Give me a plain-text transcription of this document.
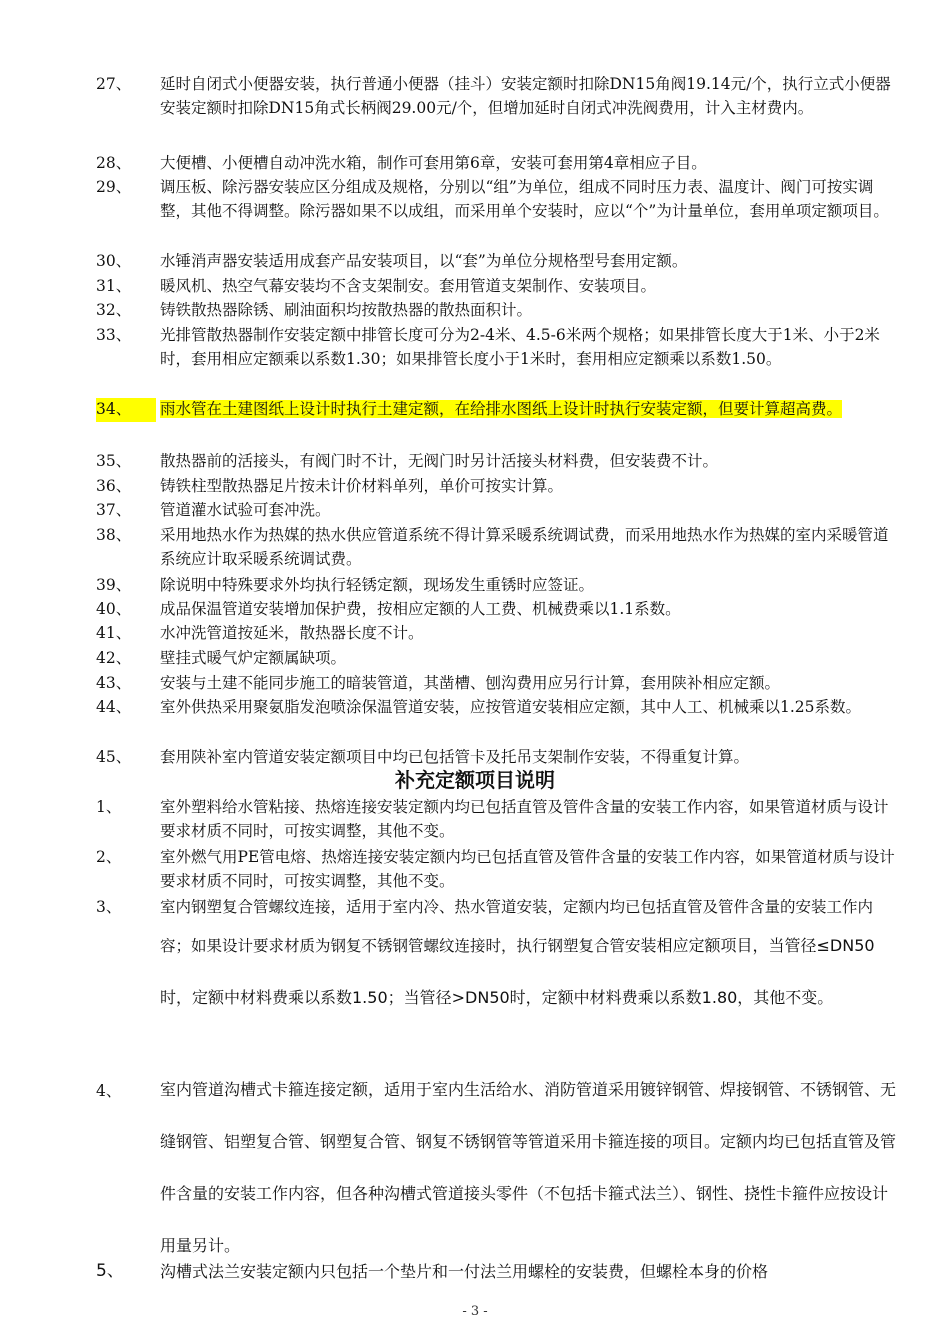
27、	延时自闭式小便器安装，执行普通小便器（挂斗）安装定额时扣除DN15角阀19.14元/个，执行立式小便器安装定额时扣除DN15角式长柄阀29.00元/个，但增加延时自闭式冲洗阀费用，计入主材费内。
28、	大便槽、小便槽自动冲洗水箱，制作可套用第6章，安装可套用第4章相应子目。
29、	调压板、除污器安装应区分组成及规格，分别以“组”为单位，组成不同时压力表、温度计、阀门可按实调整，其他不得调整。除污器如果不以成组，而采用单个安装时，应以“个”为计量单位，套用单项定额项目。
30、	水锤消声器安装适用成套产品安装项目，以“套”为单位分规格型号套用定额。
31、	暖风机、热空气幕安装均不含支架制安。套用管道支架制作、安装项目。
32、	铸铁散热器除锈、刷油面积均按散热器的散热面积计。
33、	光排管散热器制作安装定额中排管长度可分为2-4米、4.5-6米两个规格；如果排管长度大于1米、小于2米时，套用相应定额乘以系数1.30；如果排管长度小于1米时，套用相应定额乘以系数1.50。
34、	雨水管在土建图纸上设计时执行土建定额，在给排水图纸上设计时执行安装定额，但要计算超高费。
35、	散热器前的活接头，有阀门时不计，无阀门时另计活接头材料费，但安装费不计。
36、	铸铁柱型散热器足片按未计价材料单列，单价可按实计算。
37、	管道灌水试验可套冲洗。
38、	采用地热水作为热媒的热水供应管道系统不得计算采暖系统调试费，而采用地热水作为热媒的室内采暖管道系统应计取采暖系统调试费。
39、	除说明中特殊要求外均执行轻锈定额，现场发生重锈时应签证。
40、	成品保温管道安装增加保护费，按相应定额的人工费、机械费乘以1.1系数。
41、	水冲洗管道按延米，散热器长度不计。
42、	壁挂式暖气炉定额属缺项。
43、	安装与土建不能同步施工的暗装管道，其凿槽、刨沟费用应另行计算，套用陕补相应定额。
44、	室外供热采用聚氨脂发泡喷涂保温管道安装，应按管道安装相应定额，其中人工、机械乘以1.25系数。
45、	套用陕补室内管道安装定额项目中均已包括管卡及托吊支架制作安装，不得重复计算。
补充定额项目说明
1、	室外塑料给水管粘接、热熔连接安装定额内均已包括直管及管件含量的安装工作内容，如果管道材质与设计要求材质不同时，可按实调整，其他不变。
2、	室外燃气用PE管电熔、热熔连接安装定额内均已包括直管及管件含量的安装工作内容，如果管道材质与设计要求材质不同时，可按实调整，其他不变。
3、	室内钢塑复合管螺纹连接，适用于室内冷、热水管道安装，定额内均已包括直管及管件含量的安装工作内容；如果设计要求材质为钢复不锈钢管螺纹连接时，执行钢塑复合管安装相应定额项目，当管径≤DN50时，定额中材料费乘以系数1.50；当管径>DN50时，定额中材料费乘以系数1.80，其他不变。
4、	室内管道沟槽式卡箍连接定额，适用于室内生活给水、消防管道采用镀锌钢管、焊接钢管、不锈钢管、无缝钢管、铝塑复合管、钢塑复合管、钢复不锈钢管等管道采用卡箍连接的项目。定额内均已包括直管及管件含量的安装工作内容，但各种沟槽式管道接头零件（不包括卡箍式法兰）、钢性、挠性卡箍件应按设计用量另计。
5、	沟槽式法兰安装定额内只包括一个垫片和一付法兰用螺栓的安装费，但螺栓本身的价格
- 3 -
